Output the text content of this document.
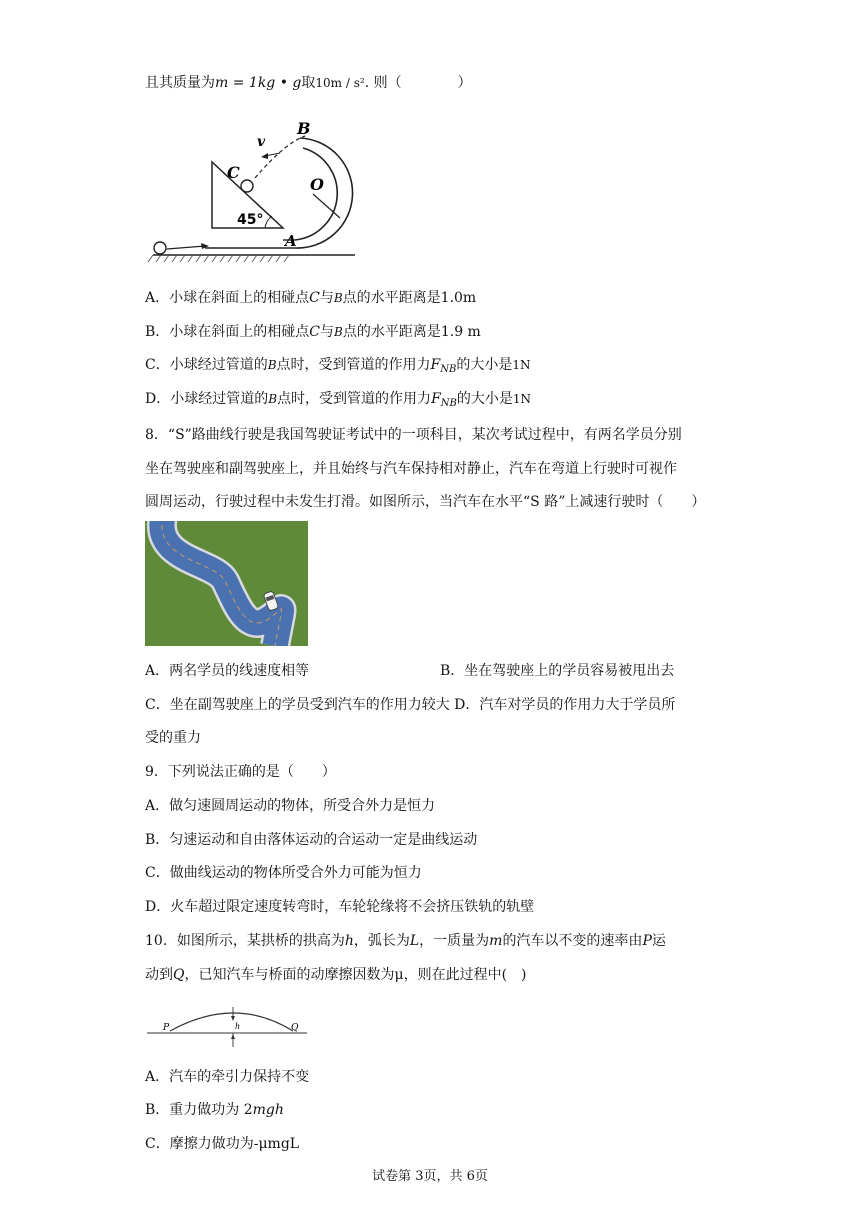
且其质量为m = 1kg • g取10m / s². 则（　　　　）
B
v
C
O
45°
A
A．小球在斜面上的相碰点C与B点的水平距离是1.0m
B．小球在斜面上的相碰点C与B点的水平距离是1.9 m
C．小球经过管道的B点时，受到管道的作用力$F_{NB}$的大小是1N
D．小球经过管道的B点时，受到管道的作用力$F_{NB}$的大小是1N
8．“S”路曲线行驶是我国驾驶证考试中的一项科目，某次考试过程中，有两名学员分别
坐在驾驶座和副驾驶座上，并且始终与汽车保持相对静止，汽车在弯道上行驶时可视作
圆周运动，行驶过程中未发生打滑。如图所示，当汽车在水平“S 路”上减速行驶时（　　）
A．两名学员的线速度相等	B．坐在驾驶座上的学员容易被甩出去
C．坐在副驾驶座上的学员受到汽车的作用力较大 D．汽车对学员的作用力大于学员所
受的重力
9．下列说法正确的是（　　）
A．做匀速圆周运动的物体，所受合外力是恒力
B．匀速运动和自由落体运动的合运动一定是曲线运动
C．做曲线运动的物体所受合外力可能为恒力
D．火车超过限定速度转弯时，车轮轮缘将不会挤压铁轨的轨壁
10．如图所示，某拱桥的拱高为h，弧长为L，一质量为m的汽车以不变的速率由P运
动到Q，已知汽车与桥面的动摩擦因数为μ，则在此过程中(　)
P	h	Q
A．汽车的牵引力保持不变
B．重力做功为 2mgh
C．摩擦力做功为-μmgL
试卷第 3页，共 6页
